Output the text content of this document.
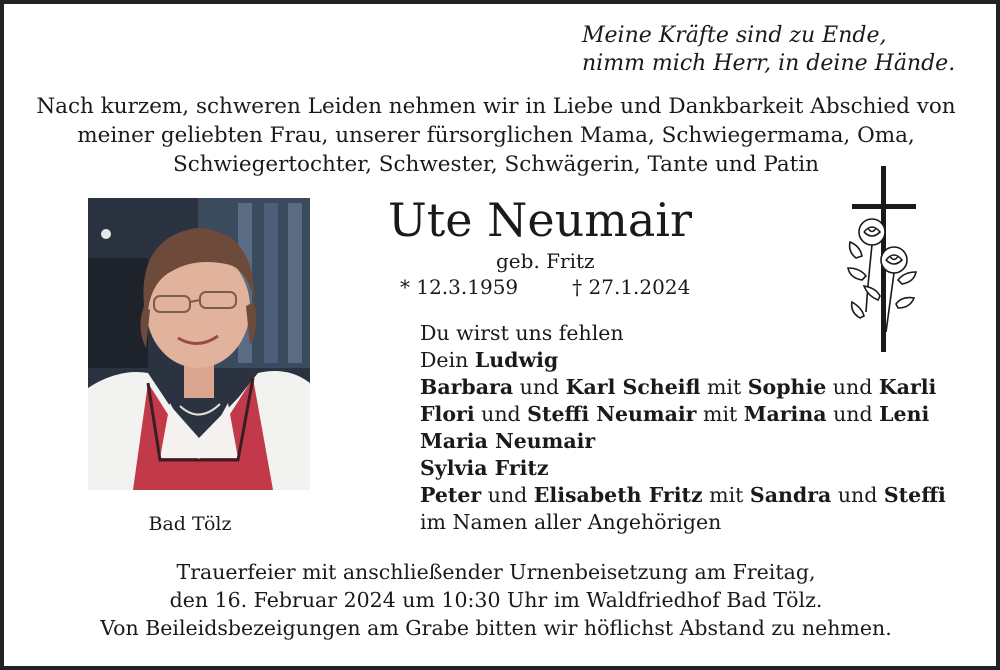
Meine Kräfte sind zu Ende,
nimm mich Herr, in deine Hände.
Nach kurzem, schweren Leiden nehmen wir in Liebe und Dankbarkeit Abschied von
meiner geliebten Frau, unserer fürsorglichen Mama, Schwiegermama, Oma,
Schwiegertochter, Schwester, Schwägerin, Tante und Patin
Bad Tölz
Ute Neumair
geb. Fritz
* 12.3.1959	† 27.1.2024
Du wirst uns fehlen
Dein Ludwig
Barbara und Karl Scheifl mit Sophie und Karli
Flori und Steffi Neumair mit Marina und Leni
Maria Neumair
Sylvia Fritz
Peter und Elisabeth Fritz mit Sandra und Steffi
im Namen aller Angehörigen
Trauerfeier mit anschließender Urnenbeisetzung am Freitag,
den 16. Februar 2024 um 10:30 Uhr im Waldfriedhof Bad Tölz.
Von Beileidsbezeigungen am Grabe bitten wir höflichst Abstand zu nehmen.
